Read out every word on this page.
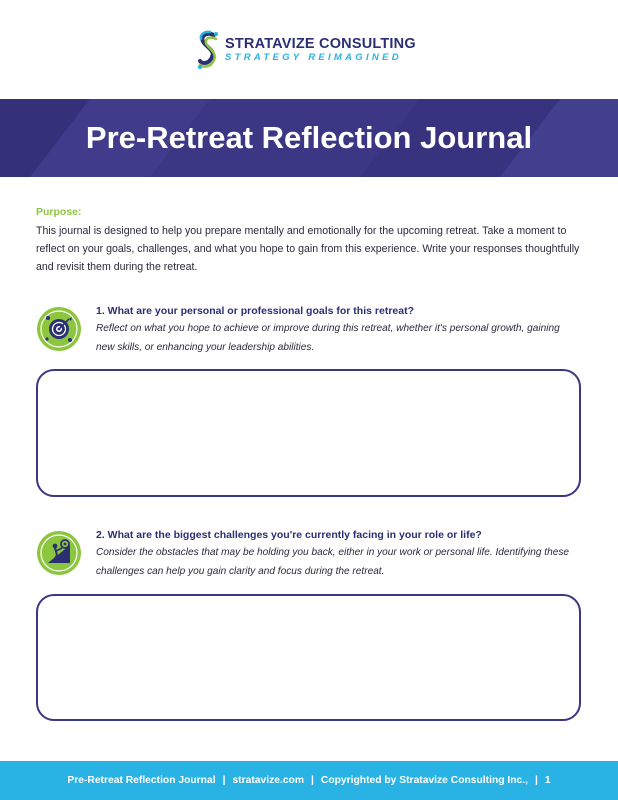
STRATAVIZE CONSULTING
STRATEGY REIMAGINED
Pre-Retreat Reflection Journal
Purpose:
This journal is designed to help you prepare mentally and emotionally for the upcoming retreat. Take a moment to reflect on your goals, challenges, and what you hope to gain from this experience. Write your responses thoughtfully and revisit them during the retreat.
1. What are your personal or professional goals for this retreat?
Reflect on what you hope to achieve or improve during this retreat, whether it's personal growth, gaining new skills, or enhancing your leadership abilities.
2. What are the biggest challenges you're currently facing in your role or life?
Consider the obstacles that may be holding you back, either in your work or personal life. Identifying these challenges can help you gain clarity and focus during the retreat.
Pre-Retreat Reflection Journal | stratavize.com | Copyrighted by Stratavize Consulting Inc., | 1
